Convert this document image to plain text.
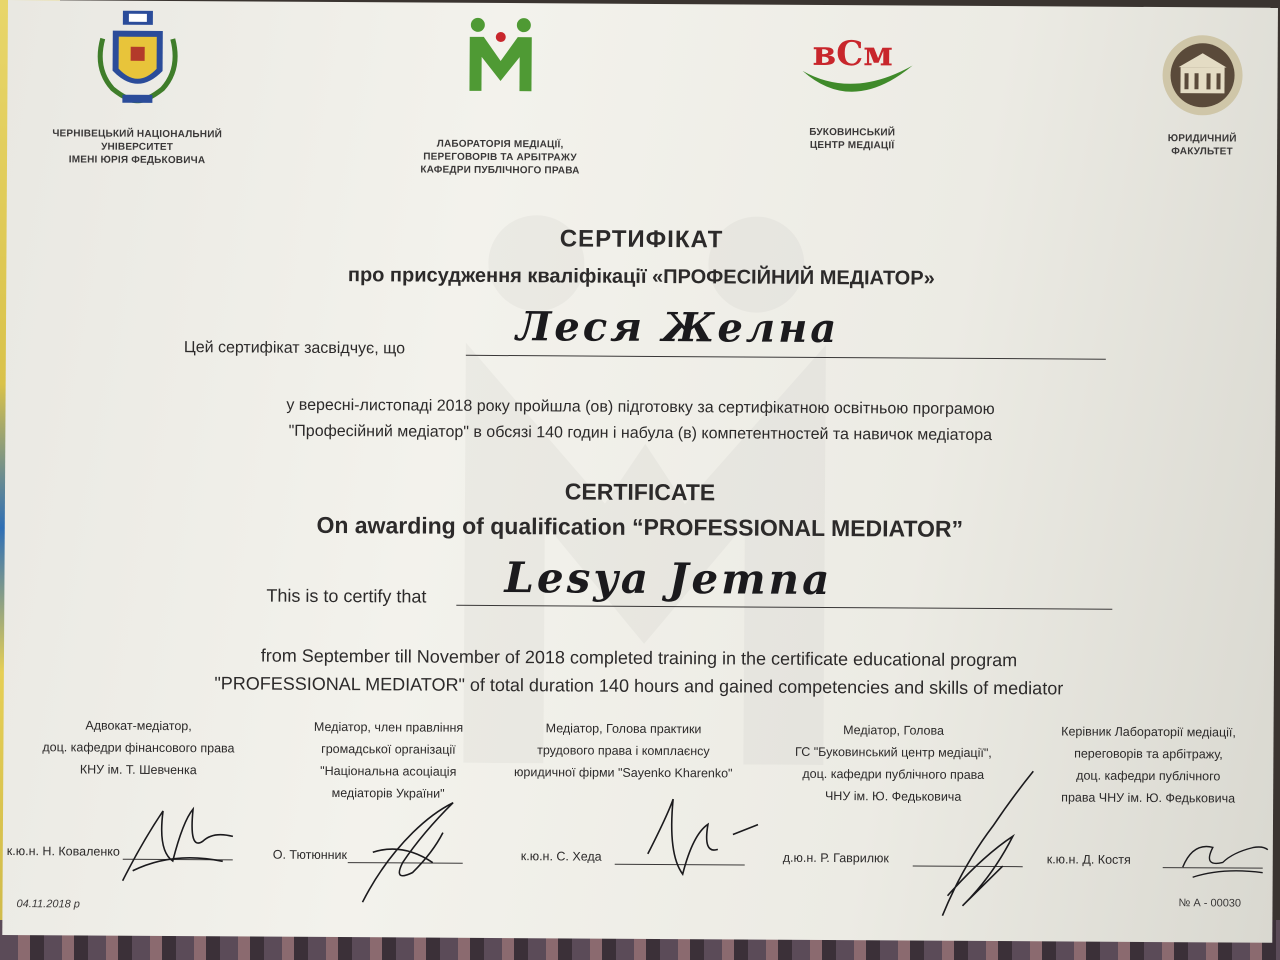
ЧЕРНІВЕЦЬКИЙ НАЦІОНАЛЬНИЙ
УНІВЕРСИТЕТ
ІМЕНІ ЮРІЯ ФЕДЬКОВИЧА
ЛАБОРАТОРІЯ МЕДІАЦІЇ,
ПЕРЕГОВОРІВ ТА АРБІТРАЖУ
КАФЕДРИ ПУБЛІЧНОГО ПРАВА
вСм
БУКОВИНСЬКИЙ
ЦЕНТР МЕДІАЦІЇ
ЮРИДИЧНИЙ
ФАКУЛЬТЕТ
СЕРТИФІКАТ
про присудження кваліфікації «ПРОФЕСІЙНИЙ МЕДІАТОР»
Цей сертифікат засвідчує, що	Леся Желна
у вересні-листопаді 2018 року пройшла (ов) підготовку за сертифікатною освітньою програмою
"Професійний медіатор" в обсязі 140 годин і набула (в) компетентностей та навичок медіатора
CERTIFICATE
On awarding of qualification “PROFESSIONAL MEDIATOR”
This is to certify that Lesya Jemna
from September till November of 2018 completed training in the certificate educational program
"PROFESSIONAL MEDIATOR" of total duration 140 hours and gained competencies and skills of mediator
Адвокат-медіатор,
доц. кафедри фінансового права
КНУ ім. Т. Шевченка
Медіатор, член правління
громадської організації
"Національна асоціація
медіаторів України"
Медіатор, Голова практики
трудового права і комплаєнсу
юридичної фірми "Sayenko Kharenko"
Медіатор, Голова
ГС "Буковинський центр медіації",
доц. кафедри публічного права
ЧНУ ім. Ю. Федьковича
Керівник Лабораторії медіації,
переговорів та арбітражу,
доц. кафедри публічного
права ЧНУ ім. Ю. Федьковича
к.ю.н. Н. Коваленко	О. Тютюнник	к.ю.н. С. Хеда	д.ю.н. Р. Гаврилюк	к.ю.н. Д. Костя
04.11.2018 р	№ А - 00030
